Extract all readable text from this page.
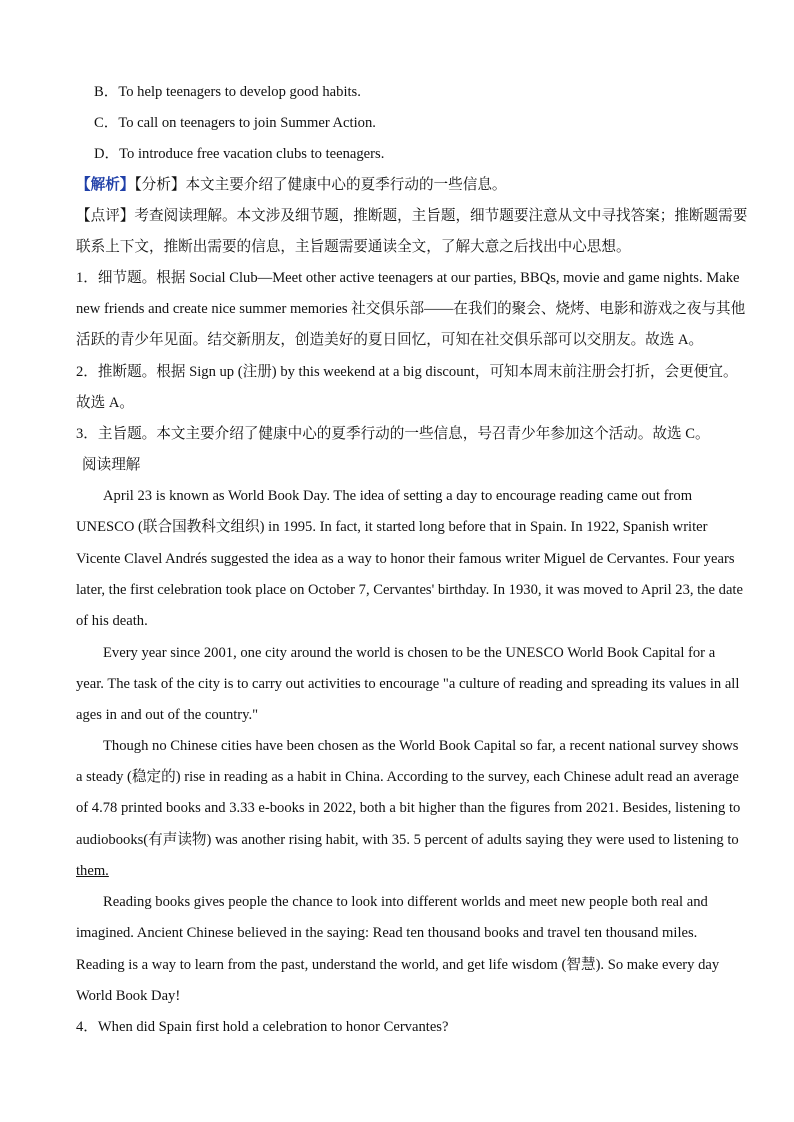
B．To help teenagers to develop good habits.
C．To call on teenagers to join Summer Action.
D．To introduce free vacation clubs to teenagers.
【解析】【分析】本文主要介绍了健康中心的夏季行动的一些信息。
【点评】考查阅读理解。本文涉及细节题，推断题，主旨题，细节题要注意从文中寻找答案；推断题需要
联系上下文，推断出需要的信息，主旨题需要通读全文，了解大意之后找出中心思想。
1．细节题。根据 Social Club—Meet other active teenagers at our parties, BBQs, movie and game nights. Make
new friends and create nice summer memories 社交俱乐部——在我们的聚会、烧烤、电影和游戏之夜与其他
活跃的青少年见面。结交新朋友，创造美好的夏日回忆，可知在社交俱乐部可以交朋友。故选 A。
2．推断题。根据 Sign up (注册) by this weekend at a big discount，可知本周末前注册会打折，会更便宜。
故选 A。
3．主旨题。本文主要介绍了健康中心的夏季行动的一些信息，号召青少年参加这个活动。故选 C。
阅读理解
April 23 is known as World Book Day. The idea of setting a day to encourage reading came out from
UNESCO (联合国教科文组织) in 1995. In fact, it started long before that in Spain. In 1922, Spanish writer
Vicente Clavel Andrés suggested the idea as a way to honor their famous writer Miguel de Cervantes. Four years
later, the first celebration took place on October 7, Cervantes' birthday. In 1930, it was moved to April 23, the date
of his death.
Every year since 2001, one city around the world is chosen to be the UNESCO World Book Capital for a
year. The task of the city is to carry out activities to encourage "a culture of reading and spreading its values in all
ages in and out of the country."
Though no Chinese cities have been chosen as the World Book Capital so far, a recent national survey shows
a steady (稳定的) rise in reading as a habit in China. According to the survey, each Chinese adult read an average
of 4.78 printed books and 3.33 e-books in 2022, both a bit higher than the figures from 2021. Besides, listening to
audiobooks(有声读物) was another rising habit, with 35. 5 percent of adults saying they were used to listening to
them.
Reading books gives people the chance to look into different worlds and meet new people both real and
imagined. Ancient Chinese believed in the saying: Read ten thousand books and travel ten thousand miles.
Reading is a way to learn from the past, understand the world, and get life wisdom (智慧). So make every day
World Book Day!
4．When did Spain first hold a celebration to honor Cervantes?
